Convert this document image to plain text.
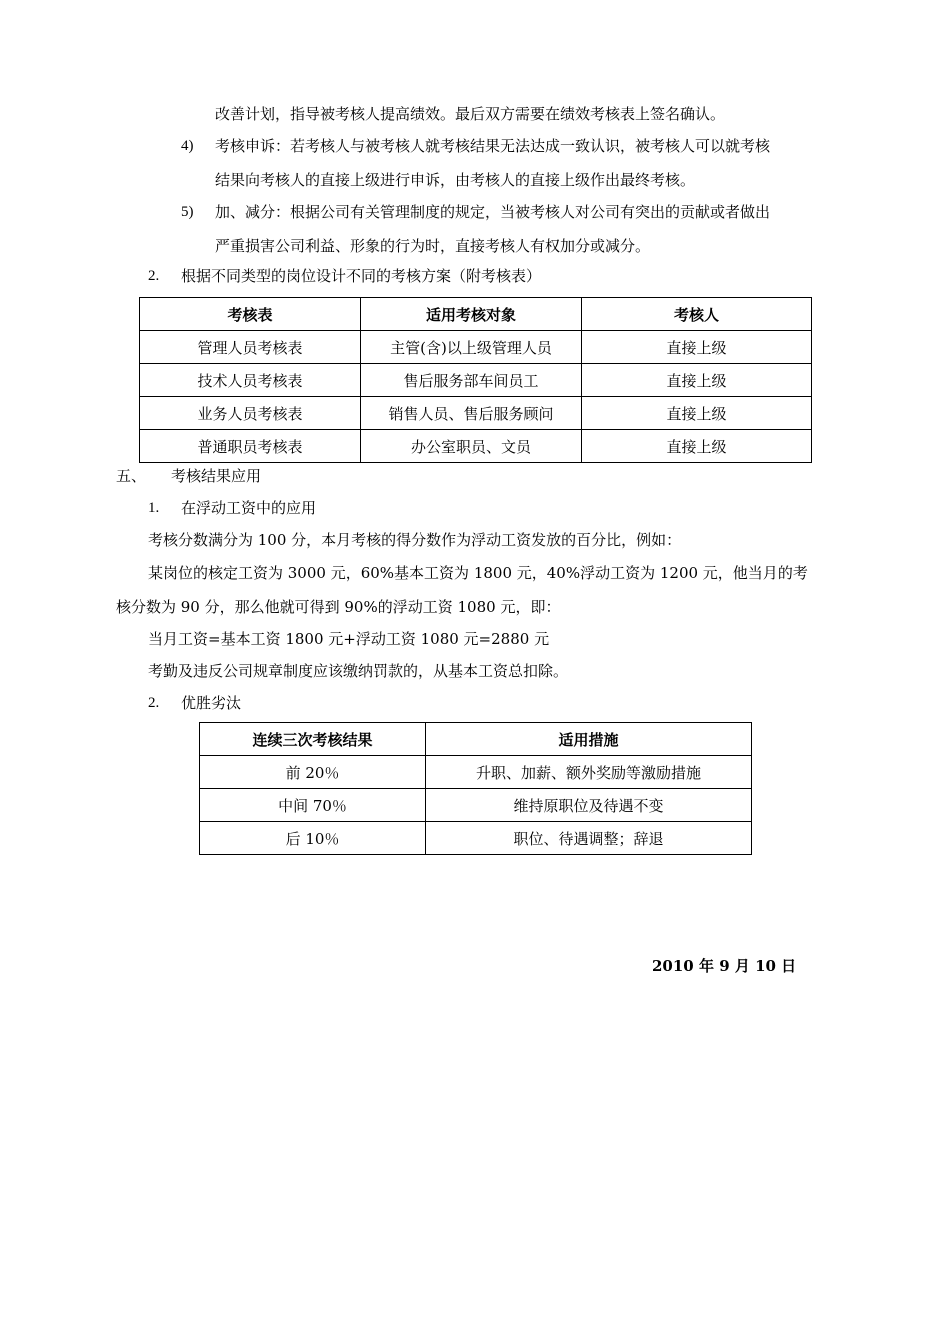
改善计划，指导被考核人提高绩效。最后双方需要在绩效考核表上签名确认。
4) 考核申诉：若考核人与被考核人就考核结果无法达成一致认识，被考核人可以就考核
结果向考核人的直接上级进行申诉，由考核人的直接上级作出最终考核。
5) 加、减分：根据公司有关管理制度的规定，当被考核人对公司有突出的贡献或者做出
严重损害公司利益、形象的行为时，直接考核人有权加分或减分。
2. 根据不同类型的岗位设计不同的考核方案（附考核表）
考核表	适用考核对象	考核人
管理人员考核表	主管(含)以上级管理人员	直接上级
技术人员考核表	售后服务部车间员工	直接上级
业务人员考核表	销售人员、售后服务顾问	直接上级
普通职员考核表	办公室职员、文员	直接上级
五、 考核结果应用
1. 在浮动工资中的应用
考核分数满分为 100 分，本月考核的得分数作为浮动工资发放的百分比，例如：
某岗位的核定工资为 3000 元，60%基本工资为 1800 元，40%浮动工资为 1200 元，他当月的考
核分数为 90 分，那么他就可得到 90%的浮动工资 1080 元，即：
当月工资=基本工资 1800 元+浮动工资 1080 元=2880 元
考勤及违反公司规章制度应该缴纳罚款的，从基本工资总扣除。
2. 优胜劣汰
连续三次考核结果	适用措施
前 20％	升职、加薪、额外奖励等激励措施
中间 70％	维持原职位及待遇不变
后 10％	职位、待遇调整；辞退
2010 年 9 月 10 日
